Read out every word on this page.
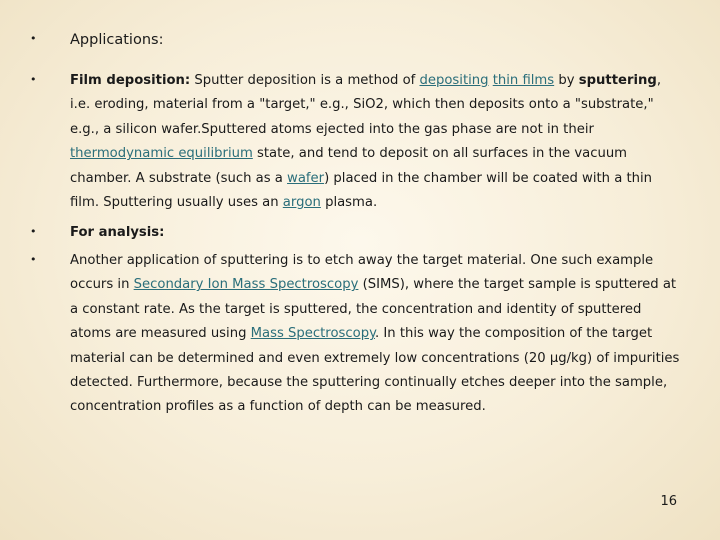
• Applications:
•	Film deposition: Sputter deposition is a method of depositing thin films by sputtering, i.e. eroding, material from a "target," e.g., SiO2, which then deposits onto a "substrate," e.g., a silicon wafer.Sputtered atoms ejected into the gas phase are not in their thermodynamic equilibrium state, and tend to deposit on all surfaces in the vacuum chamber. A substrate (such as a wafer) placed in the chamber will be coated with a thin film. Sputtering usually uses an argon plasma.
•	For analysis:
•	Another application of sputtering is to etch away the target material. One such example occurs in Secondary Ion Mass Spectroscopy (SIMS), where the target sample is sputtered at a constant rate. As the target is sputtered, the concentration and identity of sputtered atoms are measured using Mass Spectroscopy. In this way the composition of the target material can be determined and even extremely low concentrations (20 μg/kg) of impurities detected. Furthermore, because the sputtering continually etches deeper into the sample, concentration profiles as a function of depth can be measured.
16
